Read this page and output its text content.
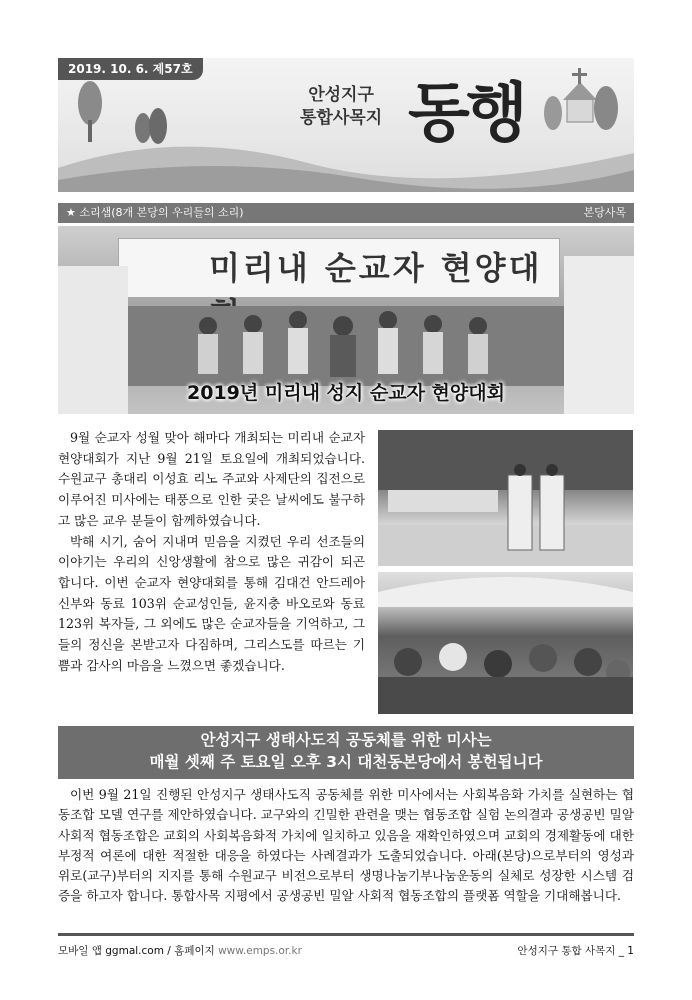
2019. 10. 6. 제57호
안성지구
통합사목지 동행
★ 소리샘(8개 본당의 우리들의 소리)	본당사목
미리내 순교자 현양대
2019년 미리내 성지 순교자 현양대회

9월 순교자 성월 맞아 해마다 개최되는 미리내 순교자 현양대회가 지난 9월 21일 토요일에 개최되었습니다. 수원교구 총대리 이성효 리노 주교와 사제단의 집전으로 이루어진 미사에는 태풍으로 인한 궂은 날씨에도 불구하고 많은 교우 분들이 함께하였습니다.

박해 시기, 숨어 지내며 믿음을 지켰던 우리 선조들의 이야기는 우리의 신앙생활에 참으로 많은 귀감이 되곤 합니다. 이번 순교자 현양대회를 통해 김대건 안드레아 신부와 동료 103위 순교성인들, 윤지충 바오로와 동료 123위 복자들, 그 외에도 많은 순교자들을 기억하고, 그들의 정신을 본받고자 다짐하며, 그리스도를 따르는 기쁨과 감사의 마음을 느꼈으면 좋겠습니다.

안성지구 생태사도직 공동체를 위한 미사는
매월 셋째 주 토요일 오후 3시 대천동본당에서 봉헌됩니다

이번 9월 21일 진행된 안성지구 생태사도직 공동체를 위한 미사에서는 사회복음화 가치를 실현하는 협동조합 모델 연구를 제안하였습니다. 교구와의 긴밀한 관련을 맺는 협동조합 실험 논의결과 공생공빈 밀알 사회적 협동조합은 교회의 사회복음화적 가치에 일치하고 있음을 재확인하였으며 교회의 경제활동에 대한 부정적 여론에 대한 적절한 대응을 하였다는 사례결과가 도출되었습니다. 아래(본당)으로부터의 영성과 위로(교구)부터의 지지를 통해 수원교구 비전으로부터 생명나눔기부나눔운동의 실체로 성장한 시스템 검증을 하고자 합니다. 통합사목 지평에서 공생공빈 밀알 사회적 협동조합의 플랫폼 역할을 기대해봅니다.

모바일 앱 ggmal.com / 홈페이지 www.emps.or.kr	안성지구 통합 사목지 _ 1
